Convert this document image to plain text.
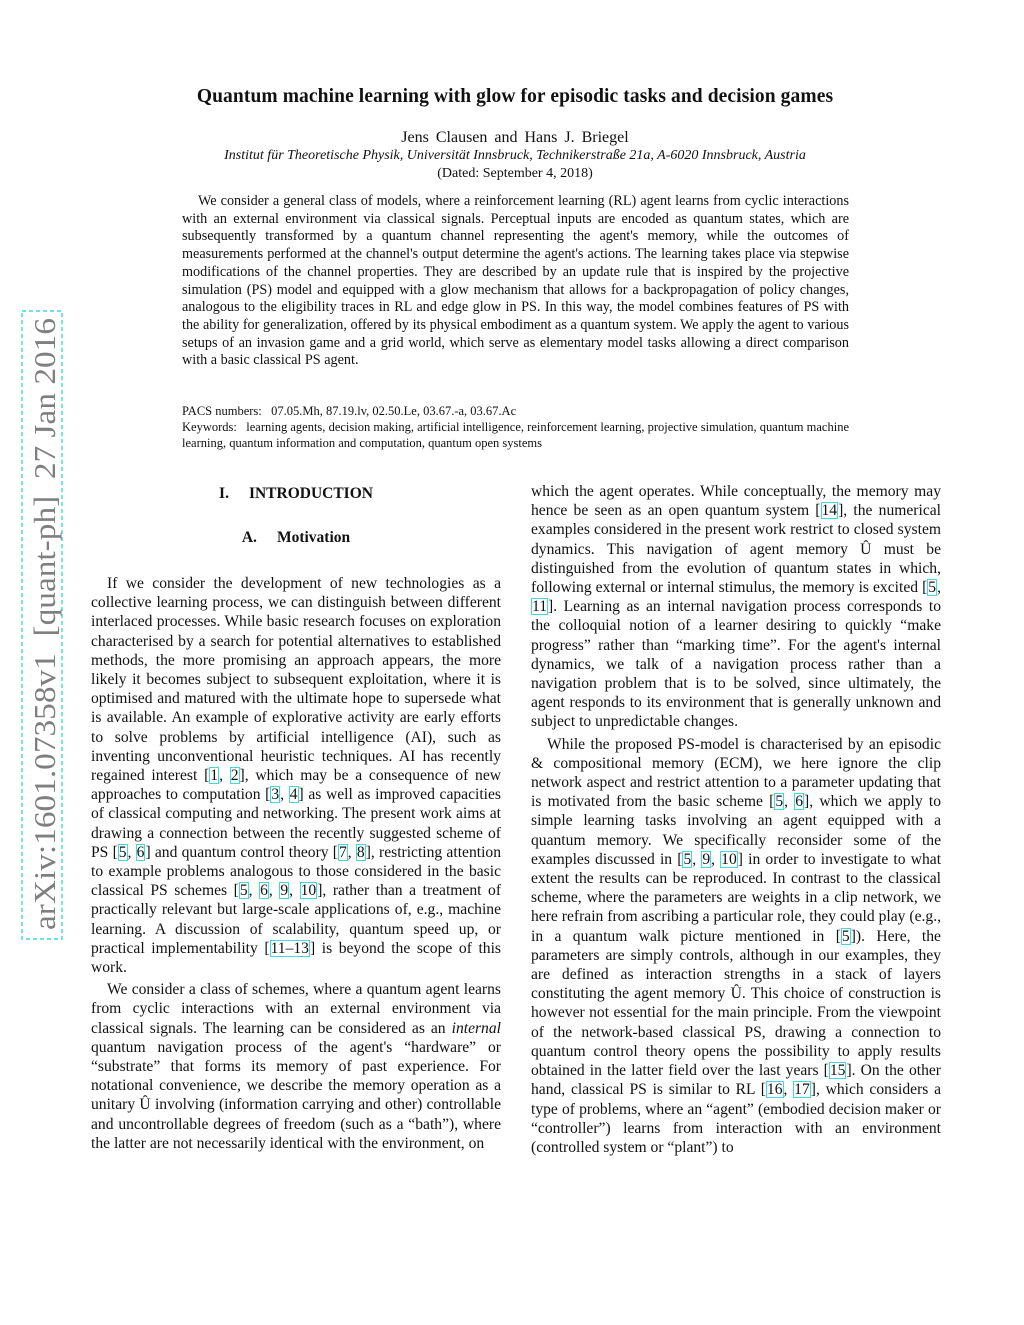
arXiv:1601.07358v1  [quant-ph]  27 Jan 2016
Quantum machine learning with glow for episodic tasks and decision games
Jens Clausen and Hans J. Briegel
Institut für Theoretische Physik, Universität Innsbruck, Technikerstraße 21a, A-6020 Innsbruck, Austria
(Dated: September 4, 2018)

We consider a general class of models, where a reinforcement learning (RL) agent learns from cyclic interactions with an external environment via classical signals. Perceptual inputs are encoded as quantum states, which are subsequently transformed by a quantum channel representing the agent's memory, while the outcomes of measurements performed at the channel's output determine the agent's actions. The learning takes place via stepwise modifications of the channel properties. They are described by an update rule that is inspired by the projective simulation (PS) model and equipped with a glow mechanism that allows for a backpropagation of policy changes, analogous to the eligibility traces in RL and edge glow in PS. In this way, the model combines features of PS with the ability for generalization, offered by its physical embodiment as a quantum system. We apply the agent to various setups of an invasion game and a grid world, which serve as elementary model tasks allowing a direct comparison with a basic classical PS agent.

PACS numbers:   07.05.Mh, 87.19.lv, 02.50.Le, 03.67.-a, 03.67.Ac

Keywords:   learning agents, decision making, artificial intelligence, reinforcement learning, projective simulation, quantum machine learning, quantum information and computation, quantum open systems

I. INTRODUCTION
A. Motivation

If we consider the development of new technologies as a collective learning process, we can distinguish between different interlaced processes. While basic research focuses on exploration characterised by a search for potential alternatives to established methods, the more promising an approach appears, the more likely it becomes subject to subsequent exploitation, where it is optimised and matured with the ultimate hope to supersede what is available. An example of explorative activity are early efforts to solve problems by artificial intelligence (AI), such as inventing unconventional heuristic techniques. AI has recently regained interest [1, 2], which may be a consequence of new approaches to computation [3, 4] as well as improved capacities of classical computing and networking. The present work aims at drawing a connection between the recently suggested scheme of PS [5, 6] and quantum control theory [7, 8], restricting attention to example problems analogous to those considered in the basic classical PS schemes [5, 6, 9, 10], rather than a treatment of practically relevant but large-scale applications of, e.g., machine learning. A discussion of scalability, quantum speed up, or practical implementability [11–13] is beyond the scope of this work.

We consider a class of schemes, where a quantum agent learns from cyclic interactions with an external environment via classical signals. The learning can be considered as an internal quantum navigation process of the agent's “hardware” or “substrate” that forms its memory of past experience. For notational convenience, we describe the memory operation as a unitary Û involving (information carrying and other) controllable and uncontrollable degrees of freedom (such as a “bath”), where the latter are not necessarily identical with the environment, on

which the agent operates. While conceptually, the memory may hence be seen as an open quantum system [14], the numerical examples considered in the present work restrict to closed system dynamics. This navigation of agent memory Û must be distinguished from the evolution of quantum states in which, following external or internal stimulus, the memory is excited [5, 11]. Learning as an internal navigation process corresponds to the colloquial notion of a learner desiring to quickly “make progress” rather than “marking time”. For the agent's internal dynamics, we talk of a navigation process rather than a navigation problem that is to be solved, since ultimately, the agent responds to its environment that is generally unknown and subject to unpredictable changes.

While the proposed PS-model is characterised by an episodic & compositional memory (ECM), we here ignore the clip network aspect and restrict attention to a parameter updating that is motivated from the basic scheme [5, 6], which we apply to simple learning tasks involving an agent equipped with a quantum memory. We specifically reconsider some of the examples discussed in [5, 9, 10] in order to investigate to what extent the results can be reproduced. In contrast to the classical scheme, where the parameters are weights in a clip network, we here refrain from ascribing a particular role, they could play (e.g., in a quantum walk picture mentioned in [5]). Here, the parameters are simply controls, although in our examples, they are defined as interaction strengths in a stack of layers constituting the agent memory Û. This choice of construction is however not essential for the main principle. From the viewpoint of the network-based classical PS, drawing a connection to quantum control theory opens the possibility to apply results obtained in the latter field over the last years [15]. On the other hand, classical PS is similar to RL [16, 17], which considers a type of problems, where an “agent” (embodied decision maker or “controller”) learns from interaction with an environment (controlled system or “plant”) to
